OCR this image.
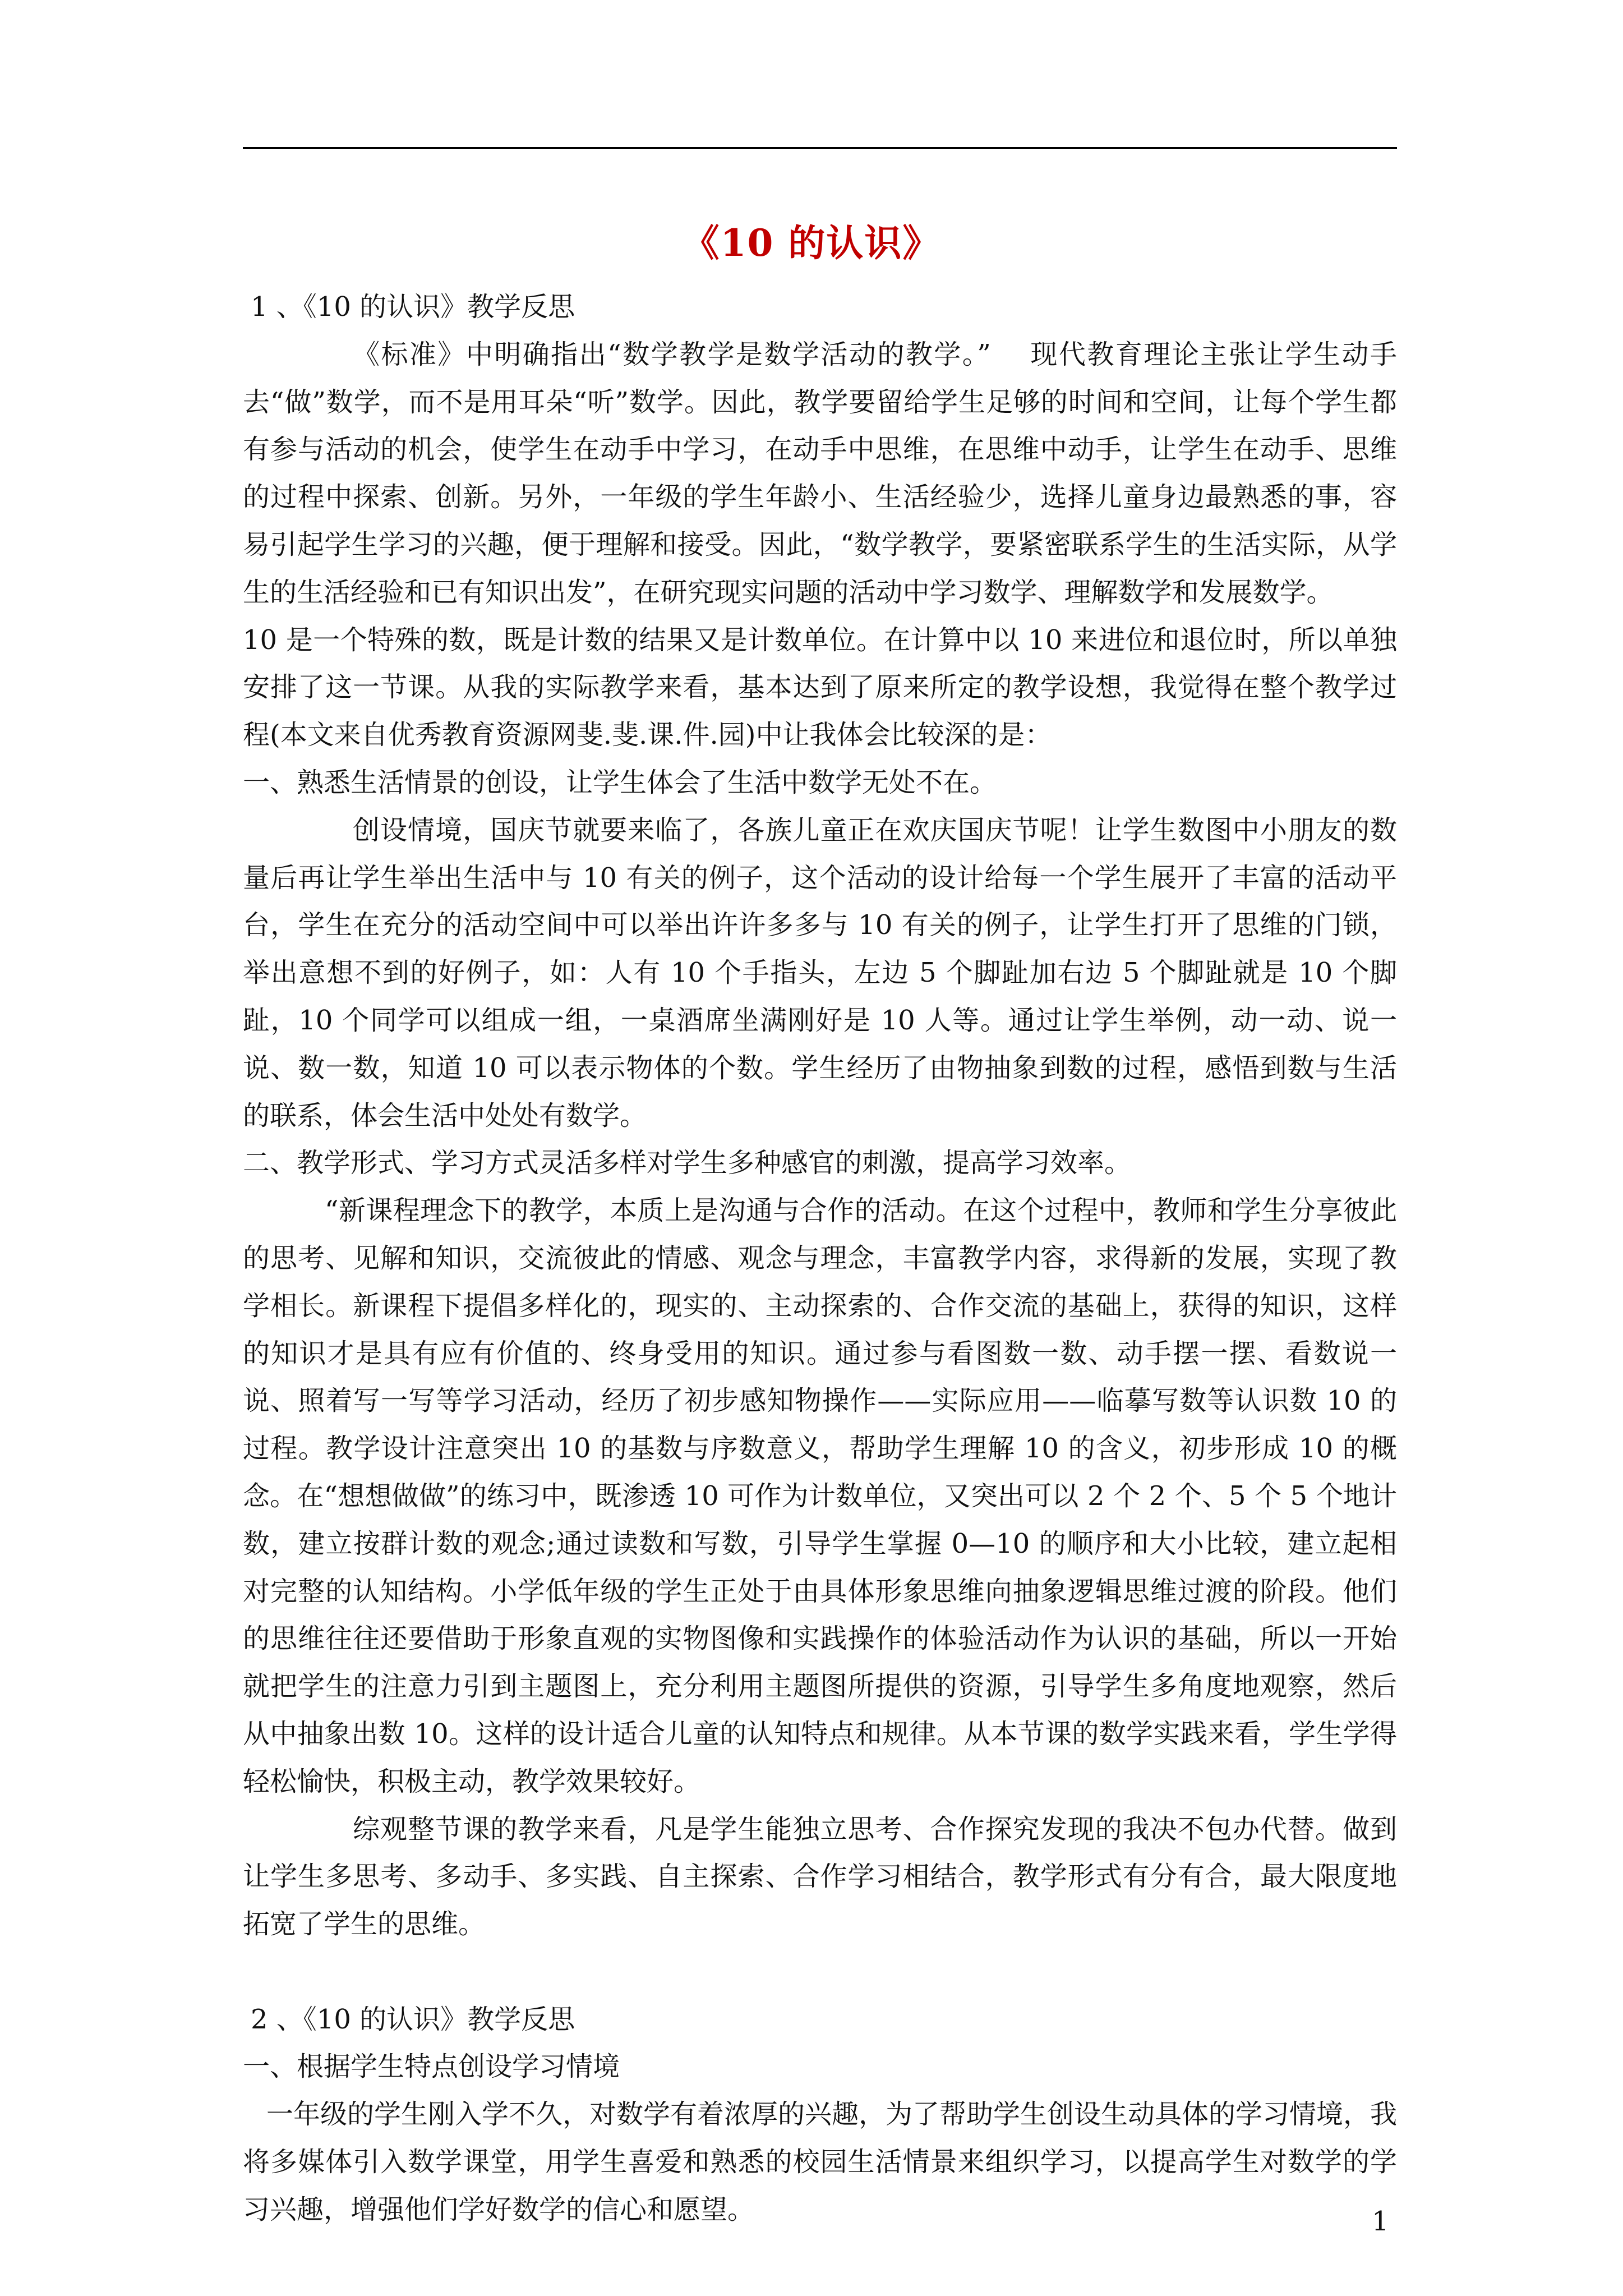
《10 的认识》

1 、《10 的认识》教学反思

《标准》中明确指出“数学教学是数学活动的教学。”　 现代教育理论主张让学生动手去“做”数学，而不是用耳朵“听”数学。因此，教学要留给学生足够的时间和空间，让每个学生都有参与活动的机会，使学生在动手中学习，在动手中思维，在思维中动手，让学生在动手、思维的过程中探索、创新。另外，一年级的学生年龄小、生活经验少，选择儿童身边最熟悉的事，容易引起学生学习的兴趣，便于理解和接受。因此，“数学教学，要紧密联系学生的生活实际，从学生的生活经验和已有知识出发”，在研究现实问题的活动中学习数学、理解数学和发展数学。

10 是一个特殊的数，既是计数的结果又是计数单位。在计算中以 10 来进位和退位时，所以单独安排了这一节课。从我的实际教学来看，基本达到了原来所定的教学设想，我觉得在整个教学过程(本文来自优秀教育资源网斐.斐.课.件.园)中让我体会比较深的是：

一、熟悉生活情景的创设，让学生体会了生活中数学无处不在。

创设情境，国庆节就要来临了，各族儿童正在欢庆国庆节呢！让学生数图中小朋友的数量后再让学生举出生活中与 10 有关的例子，这个活动的设计给每一个学生展开了丰富的活动平台，学生在充分的活动空间中可以举出许许多多与 10 有关的例子，让学生打开了思维的门锁，举出意想不到的好例子，如：人有 10 个手指头，左边 5 个脚趾加右边 5 个脚趾就是 10 个脚趾，10 个同学可以组成一组，一桌酒席坐满刚好是 10 人等。通过让学生举例，动一动、说一说、数一数，知道 10 可以表示物体的个数。学生经历了由物抽象到数的过程，感悟到数与生活的联系，体会生活中处处有数学。

二、教学形式、学习方式灵活多样对学生多种感官的刺激，提高学习效率。

“新课程理念下的教学，本质上是沟通与合作的活动。在这个过程中，教师和学生分享彼此的思考、见解和知识，交流彼此的情感、观念与理念，丰富教学内容，求得新的发展，实现了教学相长。新课程下提倡多样化的，现实的、主动探索的、合作交流的基础上，获得的知识，这样的知识才是具有应有价值的、终身受用的知识。通过参与看图数一数、动手摆一摆、看数说一说、照着写一写等学习活动，经历了初步感知物操作——实际应用——临摹写数等认识数 10 的过程。教学设计注意突出 10 的基数与序数意义，帮助学生理解 10 的含义，初步形成 10 的概念。在“想想做做”的练习中，既渗透 10 可作为计数单位，又突出可以 2 个 2 个、5 个 5 个地计数，建立按群计数的观念;通过读数和写数，引导学生掌握 0—10 的顺序和大小比较，建立起相对完整的认知结构。小学低年级的学生正处于由具体形象思维向抽象逻辑思维过渡的阶段。他们的思维往往还要借助于形象直观的实物图像和实践操作的体验活动作为认识的基础，所以一开始就把学生的注意力引到主题图上，充分利用主题图所提供的资源，引导学生多角度地观察，然后从中抽象出数 10。这样的设计适合儿童的认知特点和规律。从本节课的数学实践来看，学生学得轻松愉快，积极主动，教学效果较好。

综观整节课的教学来看，凡是学生能独立思考、合作探究发现的我决不包办代替。做到让学生多思考、多动手、多实践、自主探索、合作学习相结合，教学形式有分有合，最大限度地拓宽了学生的思维。

2 、《10 的认识》教学反思

一、根据学生特点创设学习情境

一年级的学生刚入学不久，对数学有着浓厚的兴趣，为了帮助学生创设生动具体的学习情境，我将多媒体引入数学课堂，用学生喜爱和熟悉的校园生活情景来组织学习，以提高学生对数学的学习兴趣，增强他们学好数学的信心和愿望。	1
